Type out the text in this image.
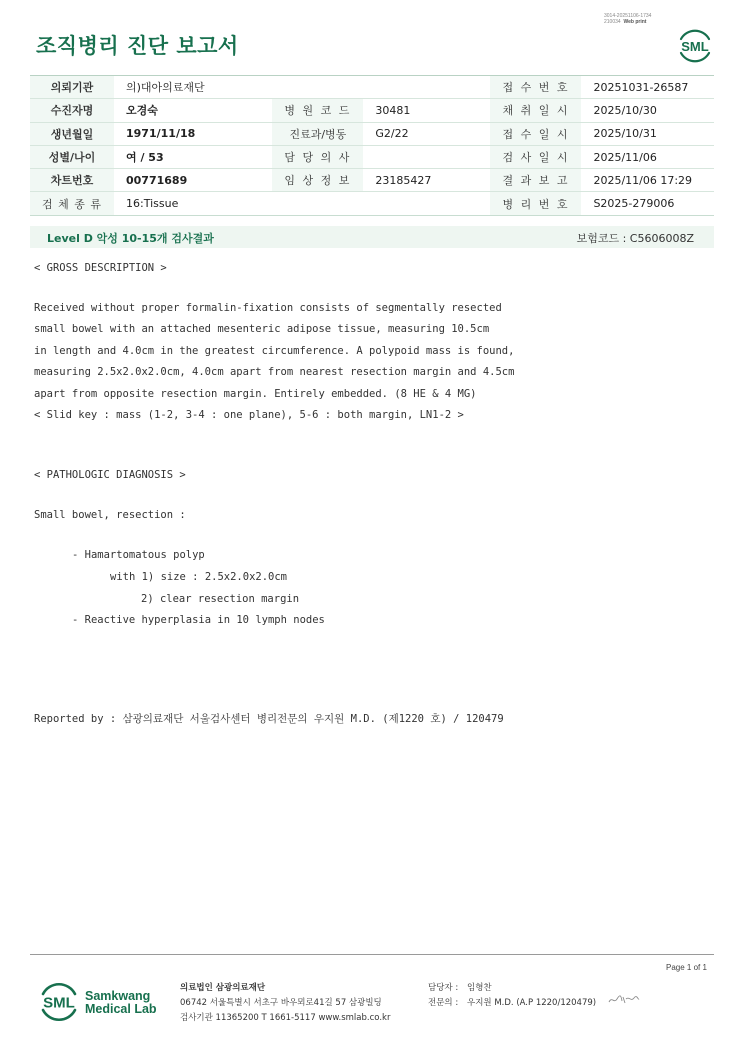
3014-20251106-1734
210034 Web print
조직병리 진단 보고서	SML
의뢰기관	의)대아의료재단			접 수 번 호	20251031-26587
수진자명	오경숙	병 원 코 드	30481	채 취 일 시	2025/10/30
생년월일	1971/11/18	진료과/병동	G2/22	접 수 일 시	2025/10/31
성별/나이	여 / 53	담 당 의 사		검 사 일 시	2025/11/06
차트번호	00771689	임 상 정 보	23185427	결 과 보 고	2025/11/06 17:29
검 체 종 류	16:Tissue			병 리 번 호	S2025-279006
Level D 악성 10-15개 검사결과	보험코드 : C5606008Z
< GROSS DESCRIPTION >
Received without proper formalin-fixation consists of segmentally resected
small bowel with an attached mesenteric adipose tissue, measuring 10.5cm
in length and 4.0cm in the greatest circumference. A polypoid mass is found,
measuring 2.5x2.0x2.0cm, 4.0cm apart from nearest resection margin and 4.5cm
apart from opposite resection margin. Entirely embedded. (8 HE & 4 MG)
< Slid key : mass (1-2, 3-4 : one plane), 5-6 : both margin, LN1-2 >
< PATHOLOGIC DIAGNOSIS >
Small bowel, resection :
- Hamartomatous polyp
with 1) size : 2.5x2.0x2.0cm
2) clear resection margin
- Reactive hyperplasia in 10 lymph nodes
Reported by : 삼광의료재단 서울검사센터 병리전문의 우지원 M.D. (제1220 호) / 120479
Page 1 of 1
SML Samkwang
Medical Lab
의료법인 삼광의료재단
06742 서울특별시 서초구 바우뫼로41길 57 삼광빌딩
검사기관 11365200 T 1661-5117 www.smlab.co.kr
담당자 : 임형찬
전문의 : 우지원 M.D. (A.P 1220/120479)
